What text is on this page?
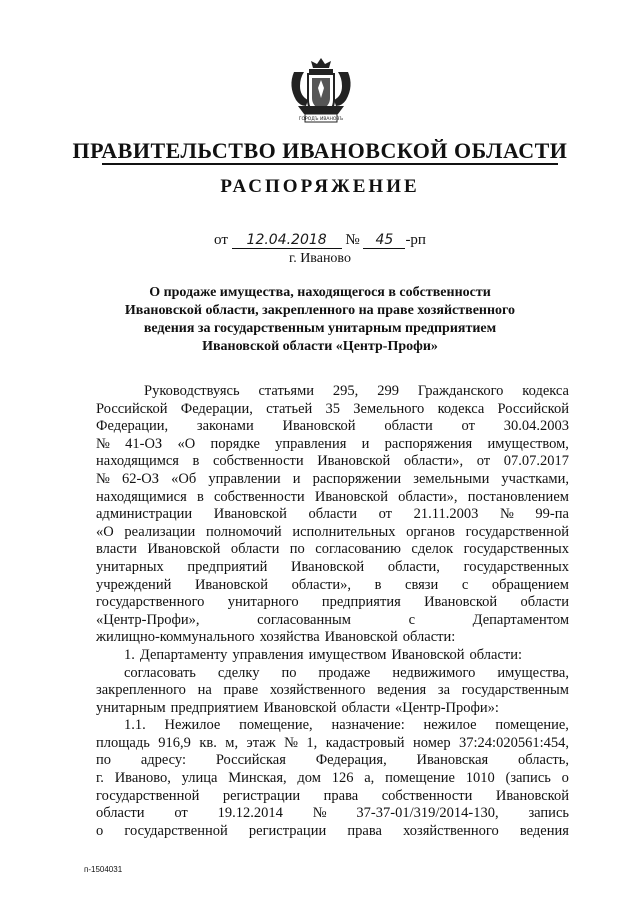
ГОРОДЪ ИВАНОВЪ
ПРАВИТЕЛЬСТВО ИВАНОВСКОЙ ОБЛАСТИ
РАСПОРЯЖЕНИЕ
от 12.04.2018 № 45 -рп
г. Иваново
О продаже имущества, находящегося в собственности
Ивановской области, закрепленного на праве хозяйственного
ведения за государственным унитарным предприятием
Ивановской области «Центр-Профи»
Руководствуясь статьями 295, 299 Гражданского кодекса
Российской Федерации, статьей 35 Земельного кодекса Российской
Федерации, законами Ивановской области от 30.04.2003
№ 41-ОЗ «О порядке управления и распоряжения имуществом,
находящимся в собственности Ивановской области», от 07.07.2017
№ 62-ОЗ «Об управлении и распоряжении земельными участками,
находящимися в собственности Ивановской области», постановлением
администрации Ивановской области от 21.11.2003 № 99-па
«О реализации полномочий исполнительных органов государственной
власти Ивановской области по согласованию сделок государственных
унитарных предприятий Ивановской области, государственных
учреждений Ивановской области», в связи с обращением
государственного унитарного предприятия Ивановской области
«Центр-Профи»,	согласованным	с	Департаментом
жилищно-коммунального хозяйства Ивановской области:
1. Департаменту управления имуществом Ивановской области:
согласовать сделку по продаже недвижимого имущества,
закрепленного на праве хозяйственного ведения за государственным
унитарным предприятием Ивановской области «Центр-Профи»:
1.1. Нежилое помещение, назначение: нежилое помещение,
площадь 916,9 кв. м, этаж № 1, кадастровый номер 37:24:020561:454,
по адресу: Российская Федерация, Ивановская область,
г. Иваново, улица Минская, дом 126 а, помещение 1010 (запись о
государственной регистрации права собственности Ивановской
области от 19.12.2014 № 37-37-01/319/2014-130, запись
о государственной регистрации права хозяйственного ведения
п-1504031
